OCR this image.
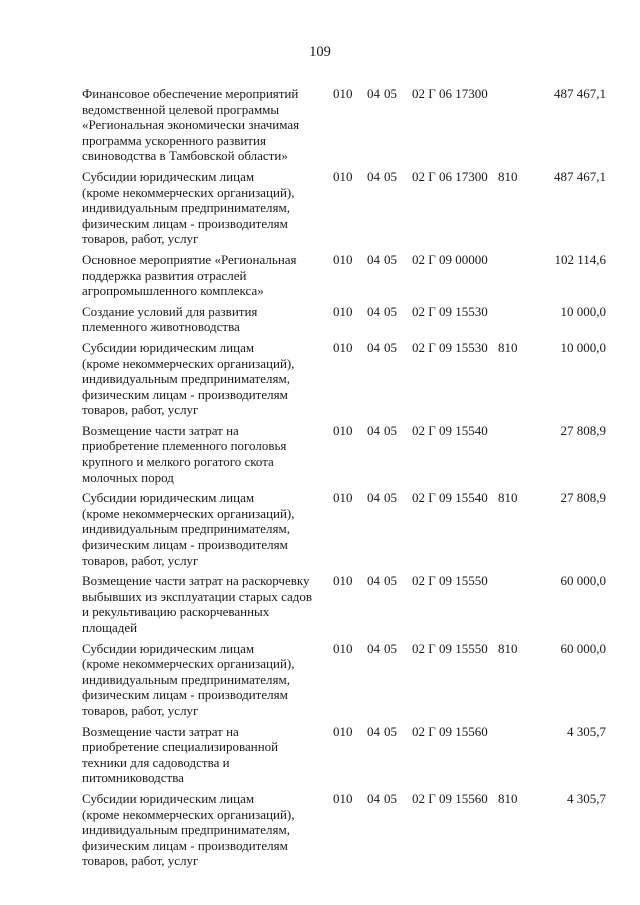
109
Финансовое обеспечение мероприятий
ведомственной целевой программы
«Региональная экономически значимая
программа ускоренного развития
свиноводства в Тамбовской области»
010 04 05 02 Г 06 17300	487 467,1
Субсидии юридическим лицам
(кроме некоммерческих организаций),
индивидуальным предпринимателям,
физическим лицам - производителям
товаров, работ, услуг
010 04 05 02 Г 06 17300 810	487 467,1
Основное мероприятие «Региональная
поддержка развития отраслей
агропромышленного комплекса»
010 04 05 02 Г 09 00000	102 114,6
Создание условий для развития
племенного животноводства
010 04 05 02 Г 09 15530	10 000,0
Субсидии юридическим лицам
(кроме некоммерческих организаций),
индивидуальным предпринимателям,
физическим лицам - производителям
товаров, работ, услуг
010 04 05 02 Г 09 15530 810	10 000,0
Возмещение части затрат на
приобретение племенного поголовья
крупного и мелкого рогатого скота
молочных пород
010 04 05 02 Г 09 15540	27 808,9
Субсидии юридическим лицам
(кроме некоммерческих организаций),
индивидуальным предпринимателям,
физическим лицам - производителям
товаров, работ, услуг
010 04 05 02 Г 09 15540 810	27 808,9
Возмещение части затрат на раскорчевку
выбывших из эксплуатации старых садов
и рекультивацию раскорчеванных
площадей
010 04 05 02 Г 09 15550	60 000,0
Субсидии юридическим лицам
(кроме некоммерческих организаций),
индивидуальным предпринимателям,
физическим лицам - производителям
товаров, работ, услуг
010 04 05 02 Г 09 15550 810	60 000,0
Возмещение части затрат на
приобретение специализированной
техники для садоводства и
питомниководства
010 04 05 02 Г 09 15560	4 305,7
Субсидии юридическим лицам
(кроме некоммерческих организаций),
индивидуальным предпринимателям,
физическим лицам - производителям
товаров, работ, услуг
010 04 05 02 Г 09 15560 810	4 305,7
